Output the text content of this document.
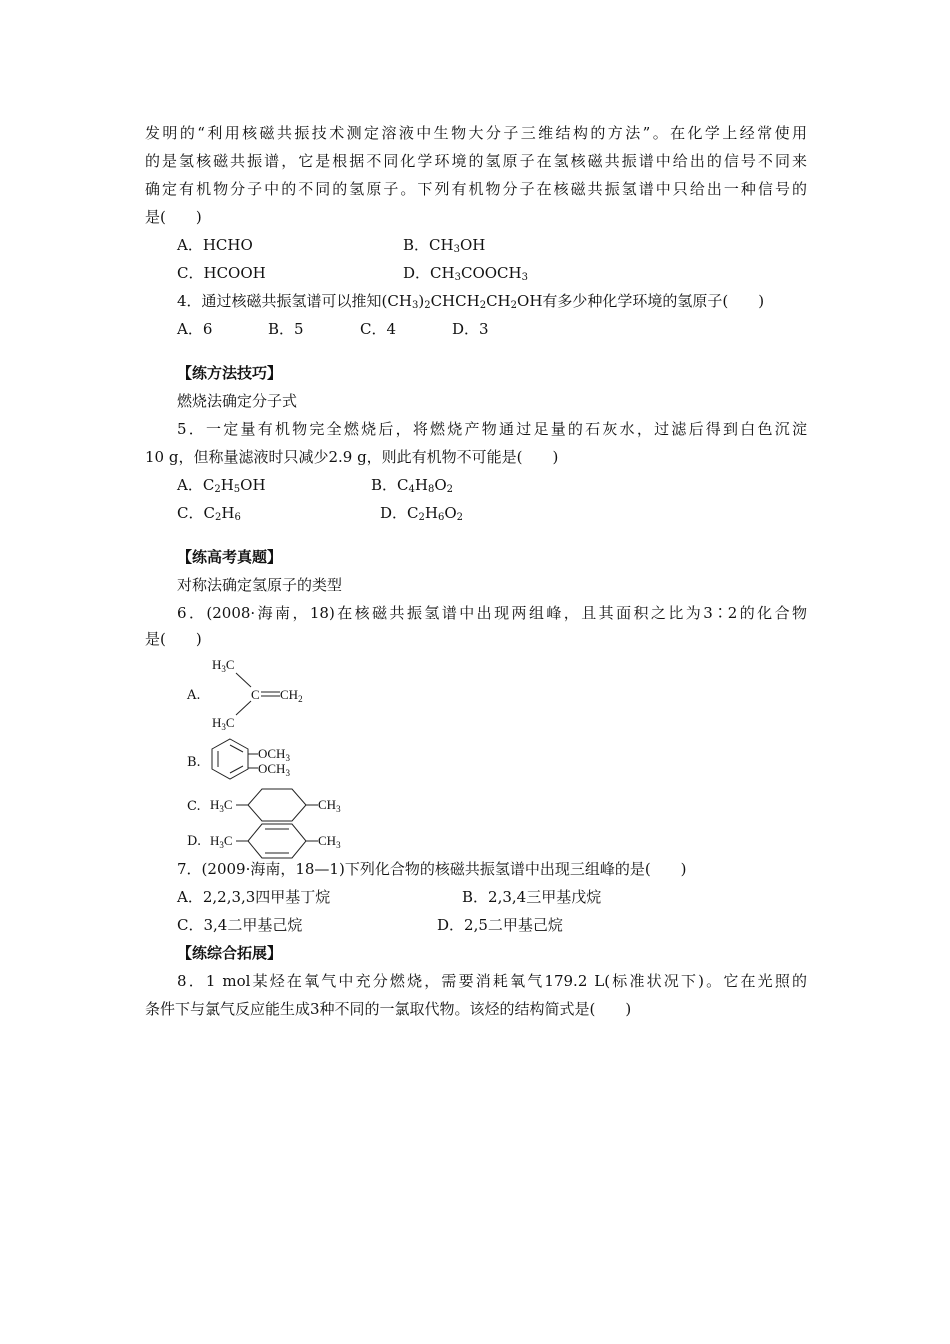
发明的“利用核磁共振技术测定溶液中生物大分子三维结构的方法”。在化学上经常使用
的是氢核磁共振谱，它是根据不同化学环境的氢原子在氢核磁共振谱中给出的信号不同来
确定有机物分子中的不同的氢原子。下列有机物分子在核磁共振氢谱中只给出一种信号的
是(　　)
A．HCHO	B．$CH_3OH$
C．HCOOH	D．$CH_3COOCH_3$
4．通过核磁共振氢谱可以推知$(CH_3)_2CHCH_2CH_2OH$有多少种化学环境的氢原子(　　)
A．6	B．5	C．4	D．3
【练方法技巧】
燃烧法确定分子式
5．一定量有机物完全燃烧后，将燃烧产物通过足量的石灰水，过滤后得到白色沉淀
10 g，但称量滤液时只减少2.9 g，则此有机物不可能是(　　)
A．$C_2H_5OH$	B．$C_4H_8O_2$
C．$C_2H_6$	D．$C_2H_6O_2$
【练高考真题】
对称法确定氢原子的类型
6．(2008·海南，18)在核磁共振氢谱中出现两组峰，且其面积之比为3∶2的化合物
是(　　)
A.
$H_3C$
$H_3C$
C $CH_2$
B.
$OCH_3$
$OCH_3$
C. $H_3C$	$CH_3$
D. $H_3C$	$CH_3$
7．(2009·海南，18—1)下列化合物的核磁共振氢谱中出现三组峰的是(　　)
A．2,2,3,3四甲基丁烷	B．2,3,4三甲基戊烷
C．3,4二甲基己烷	D．2,5二甲基己烷
【练综合拓展】
8．1 mol某烃在氧气中充分燃烧，需要消耗氧气179.2 L(标准状况下)。它在光照的
条件下与氯气反应能生成3种不同的一氯取代物。该烃的结构简式是(　　)
